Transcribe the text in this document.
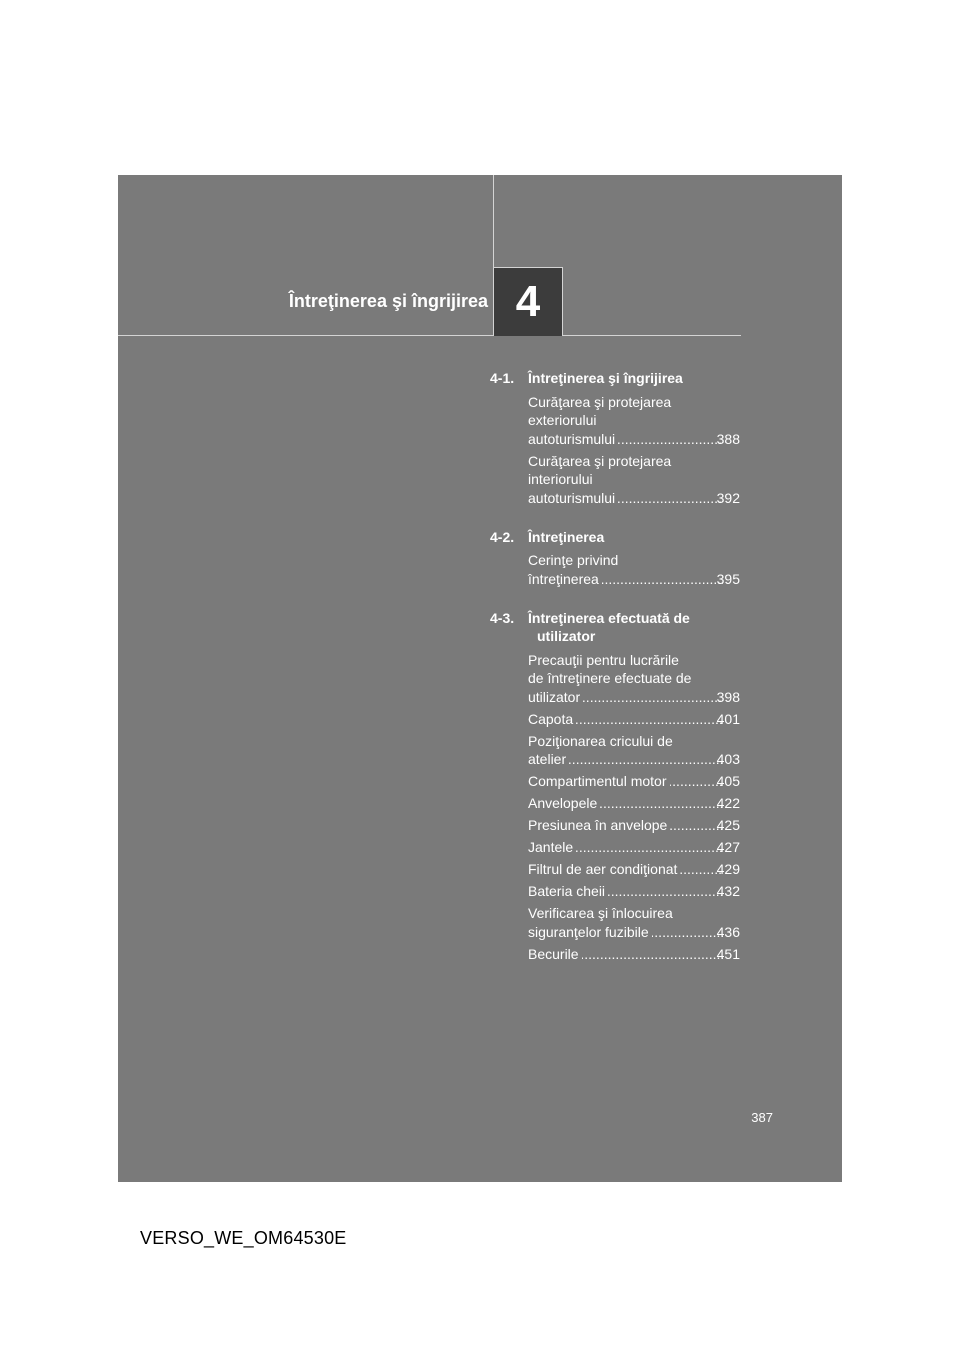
Întreţinerea şi îngrijirea 4
4-1. Întreţinerea şi îngrijirea
Curăţarea şi protejarea
exteriorului
autoturismului .....	388
Curăţarea şi protejarea
interiorului
autoturismului .....	392
4-2. Întreţinerea
Cerinţe privind
întreţinerea .....	395
4-3. Întreţinerea efectuată de utilizator
Precauţii pentru lucrările
de întreţinere efectuate de
utilizator .....	398
Capota .....	401
Poziţionarea cricului de
atelier .....	403
Compartimentul motor .....	405
Anvelopele .....	422
Presiunea în anvelope .....	425
Jantele .....	427
Filtrul de aer condiţionat .....	429
Bateria cheii .....	432
Verificarea şi înlocuirea
siguranţelor fuzibile .....	436
Becurile .....	451
387
VERSO_WE_OM64530E
